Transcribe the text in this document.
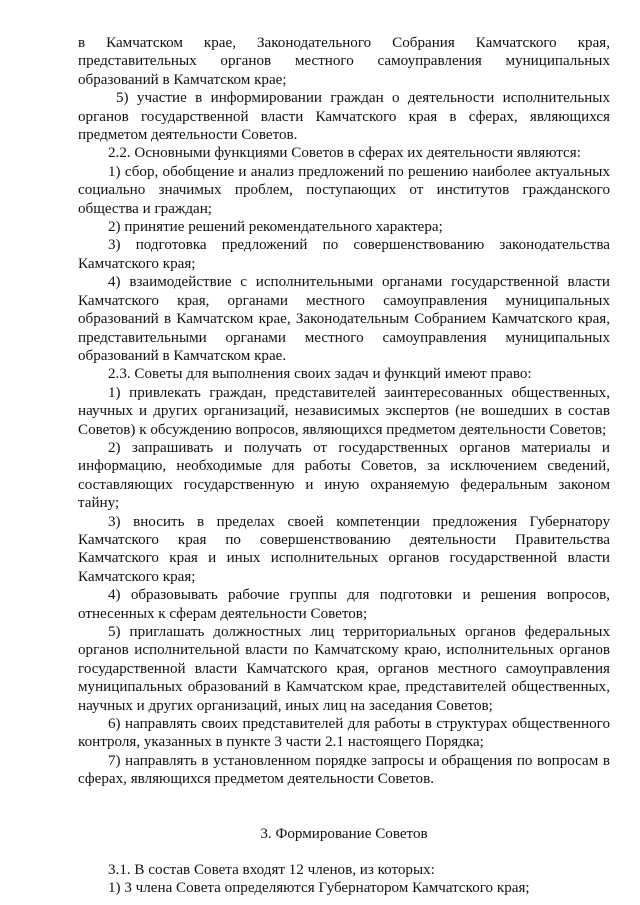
в Камчатском крае, Законодательного Собрания Камчатского края, представительных органов местного самоуправления муниципальных образований в Камчатском крае;

5) участие в информировании граждан о деятельности исполнительных органов государственной власти Камчатского края в сферах, являющихся предметом деятельности Советов.

2.2. Основными функциями Советов в сферах их деятельности являются:

1) сбор, обобщение и анализ предложений по решению наиболее актуальных социально значимых проблем, поступающих от институтов гражданского общества и граждан;

2) принятие решений рекомендательного характера;

3) подготовка предложений по совершенствованию законодательства Камчатского края;

4) взаимодействие с исполнительными органами государственной власти Камчатского края, органами местного самоуправления муниципальных образований в Камчатском крае, Законодательным Собранием Камчатского края, представительными органами местного самоуправления муниципальных образований в Камчатском крае.

2.3. Советы для выполнения своих задач и функций имеют право:

1) привлекать граждан, представителей заинтересованных общественных, научных и других организаций, независимых экспертов (не вошедших в состав Советов) к обсуждению вопросов, являющихся предметом деятельности Советов;

2) запрашивать и получать от государственных органов материалы и информацию, необходимые для работы Советов, за исключением сведений, составляющих государственную и иную охраняемую федеральным законом тайну;

3) вносить в пределах своей компетенции предложения Губернатору Камчатского края по совершенствованию деятельности Правительства Камчатского края и иных исполнительных органов государственной власти Камчатского края;

4) образовывать рабочие группы для подготовки и решения вопросов, отнесенных к сферам деятельности Советов;

5) приглашать должностных лиц территориальных органов федеральных органов исполнительной власти по Камчатскому краю, исполнительных органов государственной власти Камчатского края, органов местного самоуправления муниципальных образований в Камчатском крае, представителей общественных, научных и других организаций, иных лиц на заседания Советов;

6) направлять своих представителей для работы в структурах общественного контроля, указанных в пункте 3 части 2.1 настоящего Порядка;

7) направлять в установленном порядке запросы и обращения по вопросам в сферах, являющихся предметом деятельности Советов.

3. Формирование Советов

3.1. В состав Совета входят 12 членов, из которых:

1) 3 члена Совета определяются Губернатором Камчатского края;
